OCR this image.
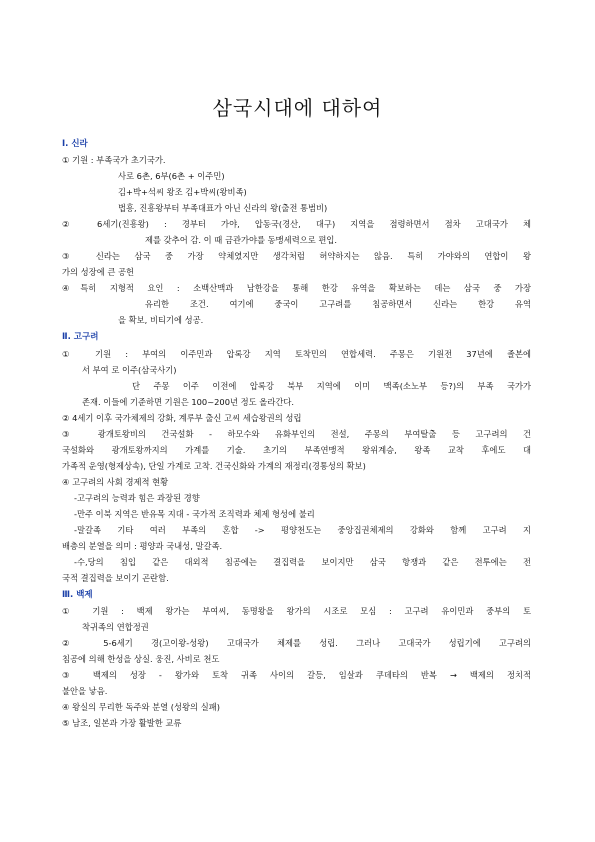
삼국시대에 대하여
Ⅰ. 신라
① 기원 : 부족국가 초기국가.
사로 6촌, 6부(6촌 + 이주민)
김+박+석씨 왕조 김+박씨(왕비족)
법흥, 진흥왕부터 부족대표가 아닌 신라의 왕(출전 통범비)
② 6세기(진흥왕) : 경부터 가야, 압동국(경산, 대구) 지역을 점령하면서 점차 고대국가 체
제를 갖추어 감. 이 때 금관가야를 동맹세력으로 편입.
③ 신라는 삼국 중 가장 약체였지만 생각처럼 허약하지는 않음. 특히 가야와의 연합이 왕
가의 성장에 큰 공헌
④특히 지형적 요인 : 소백산맥과 남한강을 통해 한강 유역을 확보하는 데는 삼국 중 가장
유리한 조건. 여기에 중국이 고구려를 침공하면서 신라는 한강 유역
을 확보, 비티기에 성공.
Ⅱ. 고구려
① 기원 : 부여의 이주민과 압록강 지역 토착민의 연합세력. 주몽은 기원전 37년에 졸본에
서 부여 로 이주(삼국사기)
단 주몽 이주 이전에 압록강 북부 지역에 이미 맥족(소노부 등?)의 부족 국가가
존재. 이들에 기준하면 기원은 100~200년 정도 올라간다.
② 4세기 이후 국가체제의 강화, 계루부 출신 고씨 세습왕권의 성립
③ 광개토왕비의 건국설화 - 하모수와 유화부인의 전설, 주몽의 부여탈출 등 고구려의 건
국설화와 광개토왕까지의 가계를 기술. 초기의 부족연맹적 왕위계승, 왕족 교착 후에도 대
가족적 운영(형제상속), 단일 가계로 고착. 건국신화와 가계의 재정리(경통성의 확보)
④ 고구려의 사회 경제적 현황
-고구려의 능력과 힘은 과장된 경향
-만주 이북 지역은 반유목 지대 - 국가적 조직력과 체제 형성에 불리
-말갈족 기타 여러 부족의 혼합 -> 평양천도는 중앙집권체제의 강화와 함께 고구려 지
배층의 분열을 의미 : 평양과 국내성, 말갈족.
-수,당의 침입 같은 대외적 침공에는 결집력을 보이지만 삼국 항쟁과 같은 전투에는 전
국적 결집력을 보이기 곤란함.
Ⅲ. 백제
① 기원 : 백제 왕가는 부여씨, 동명왕을 왕가의 시조로 모심 : 고구려 유이민과 중부의 토
착귀족의 연합정권
② 5-6세기 경(고이왕-성왕) 고대국가 체제를 성립. 그러나 고대국가 성립기에 고구려의
침공에 의해 한성을 상실. 웅진, 사비로 천도
③ 백제의 성장 - 왕가와 토착 귀족 사이의 갈등, 임살과 쿠데타의 반복 → 백제의 정치적
불안을 낳음.
④ 왕실의 무리한 독주와 분열 (성왕의 실패)
⑤ 남조, 일본과 가장 활발한 교류
